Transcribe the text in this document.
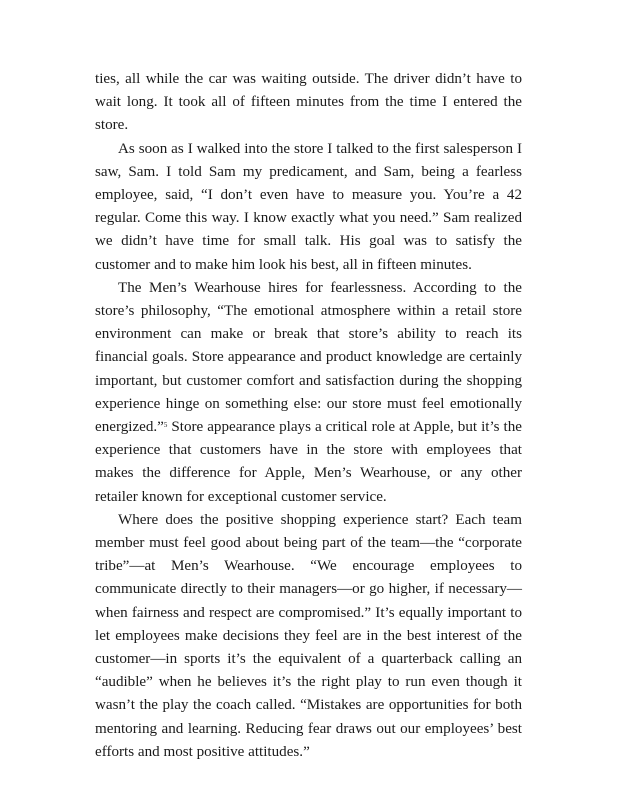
ties, all while the car was waiting outside. The driver didn’t have to wait long. It took all of fifteen minutes from the time I entered the store.

As soon as I walked into the store I talked to the first salesperson I saw, Sam. I told Sam my predicament, and Sam, being a fearless employee, said, “I don’t even have to measure you. You’re a 42 regular. Come this way. I know exactly what you need.” Sam realized we didn’t have time for small talk. His goal was to satisfy the customer and to make him look his best, all in fifteen minutes.

The Men’s Wearhouse hires for fearlessness. According to the store’s philosophy, “The emotional atmosphere within a retail store environment can make or break that store’s ability to reach its financial goals. Store appearance and product knowledge are certainly important, but customer comfort and satisfaction during the shopping experience hinge on something else: our store must feel emotionally energized.”$^5$ Store appearance plays a critical role at Apple, but it’s the experience that customers have in the store with employees that makes the difference for Apple, Men’s Wearhouse, or any other retailer known for exceptional customer service.

Where does the positive shopping experience start? Each team member must feel good about being part of the team—the “corporate tribe”—at Men’s Wearhouse. “We encourage employees to communicate directly to their managers—or go higher, if necessary—when fairness and respect are compromised.” It’s equally important to let employees make decisions they feel are in the best interest of the customer—in sports it’s the equivalent of a quarterback calling an “audible” when he believes it’s the right play to run even though it wasn’t the play the coach called. “Mistakes are opportunities for both mentoring and learning. Reducing fear draws out our employees’ best efforts and most positive attitudes.”
